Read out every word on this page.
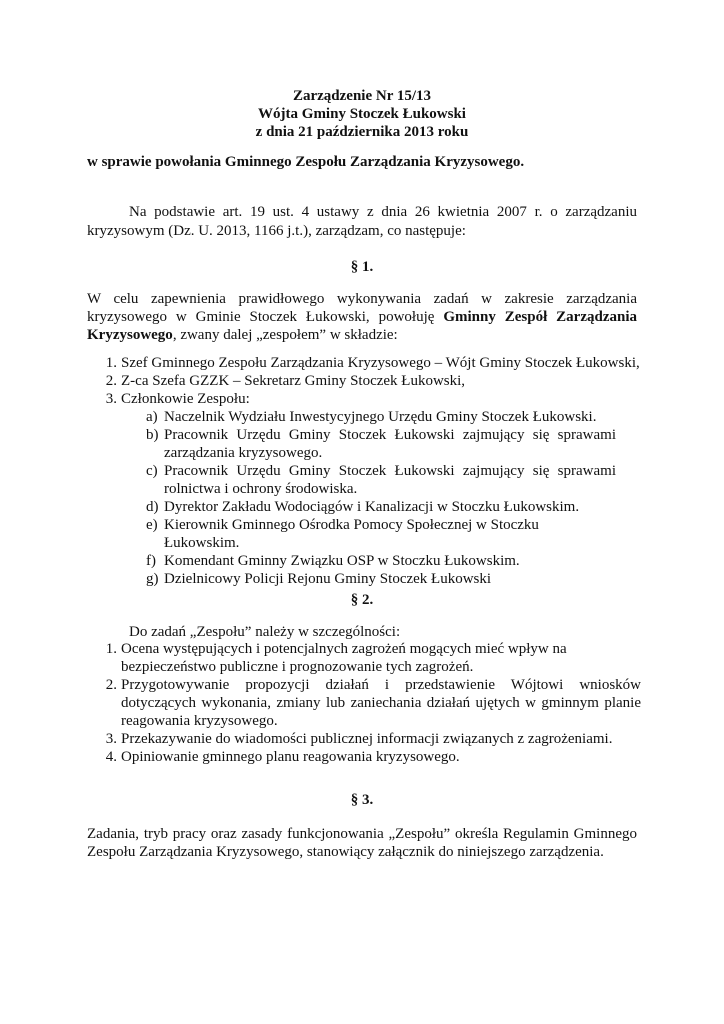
Zarządzenie Nr 15/13
Wójta Gminy Stoczek Łukowski
z dnia 21 października 2013 roku
w sprawie powołania Gminnego Zespołu Zarządzania Kryzysowego.
Na podstawie art. 19 ust. 4 ustawy z dnia 26 kwietnia 2007 r. o zarządzaniu kryzysowym (Dz. U. 2013, 1166 j.t.), zarządzam, co następuje:
§ 1.
W celu zapewnienia prawidłowego wykonywania zadań w zakresie zarządzania kryzysowego w Gminie Stoczek Łukowski, powołuję Gminny Zespół Zarządzania Kryzysowego, zwany dalej „zespołem” w składzie:
1. Szef Gminnego Zespołu Zarządzania Kryzysowego – Wójt Gminy Stoczek Łukowski,
2. Z-ca Szefa GZZK – Sekretarz Gminy Stoczek Łukowski,
3. Członkowie Zespołu:
a) Naczelnik Wydziału Inwestycyjnego Urzędu Gminy Stoczek Łukowski.
b) Pracownik Urzędu Gminy Stoczek Łukowski zajmujący się sprawami zarządzania kryzysowego.
c) Pracownik Urzędu Gminy Stoczek Łukowski zajmujący się sprawami rolnictwa i ochrony środowiska.
d) Dyrektor Zakładu Wodociągów i Kanalizacji w Stoczku Łukowskim.
e) Kierownik Gminnego Ośrodka Pomocy Społecznej w Stoczku Łukowskim.
f) Komendant Gminny Związku OSP w Stoczku Łukowskim.
g) Dzielnicowy Policji Rejonu Gminy Stoczek Łukowski
§ 2.
Do zadań „Zespołu” należy w szczególności:
1. Ocena występujących i potencjalnych zagrożeń mogących mieć wpływ na bezpieczeństwo publiczne i prognozowanie tych zagrożeń.
2. Przygotowywanie propozycji działań i przedstawienie Wójtowi wniosków dotyczących wykonania, zmiany lub zaniechania działań ujętych w gminnym planie reagowania kryzysowego.
3. Przekazywanie do wiadomości publicznej informacji związanych z zagrożeniami.
4. Opiniowanie gminnego planu reagowania kryzysowego.
§ 3.
Zadania, tryb pracy oraz zasady funkcjonowania „Zespołu” określa Regulamin Gminnego Zespołu Zarządzania Kryzysowego, stanowiący załącznik do niniejszego zarządzenia.
